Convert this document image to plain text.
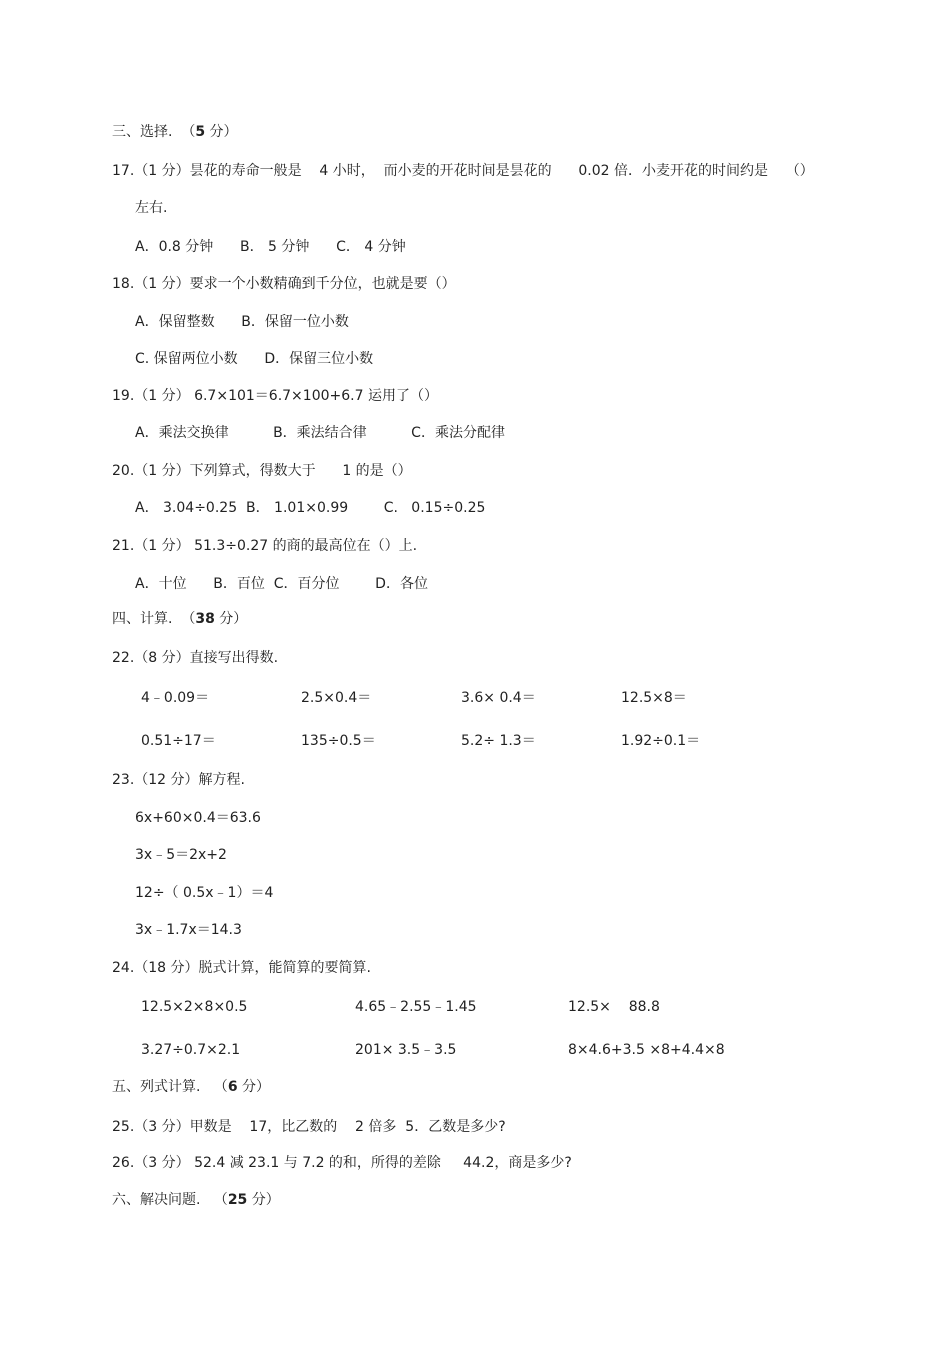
三、选择.  （5 分）
17.（1 分）昙花的寿命一般是    4 小时，  而小麦的开花时间是昙花的      0.02 倍．小麦开花的时间约是    （）
左右.
A．0.8 分钟      B． 5 分钟      C． 4 分钟
18.（1 分）要求一个小数精确到千分位，也就是要（）
A．保留整数      B．保留一位小数
C. 保留两位小数      D．保留三位小数
19.（1 分） 6.7×101＝6.7×100+6.7 运用了（）
A．乘法交换律          B．乘法结合律          C．乘法分配律
20.（1 分）下列算式，得数大于      1 的是（）
A． 3.04÷0.25  B． 1.01×0.99        C.   0.15÷0.25
21.（1 分） 51.3÷0.27 的商的最高位在（）上.
A．十位      B．百位  C．百分位        D．各位
四、计算.  （38 分）
22.（8 分）直接写出得数.
4﹣0.09＝	2.5×0.4＝	3.6× 0.4＝	12.5×8＝
0.51÷17＝	135÷0.5＝	5.2÷ 1.3＝	1.92÷0.1＝
23.（12 分）解方程.
6x+60×0.4＝63.6
3x﹣5＝2x+2
12÷（ 0.5x﹣1）＝4
3x﹣1.7x＝14.3
24.（18 分）脱式计算，能简算的要简算.
12.5×2×8×0.5	4.65﹣2.55﹣1.45	12.5×    88.8
3.27÷0.7×2.1	201× 3.5﹣3.5	8×4.6+3.5 ×8+4.4×8
五、列式计算.   （6 分）
25.（3 分）甲数是    17，比乙数的    2 倍多  5．乙数是多少?
26.（3 分） 52.4 减 23.1 与 7.2 的和，所得的差除     44.2，商是多少?
六、解决问题.   （25 分）
